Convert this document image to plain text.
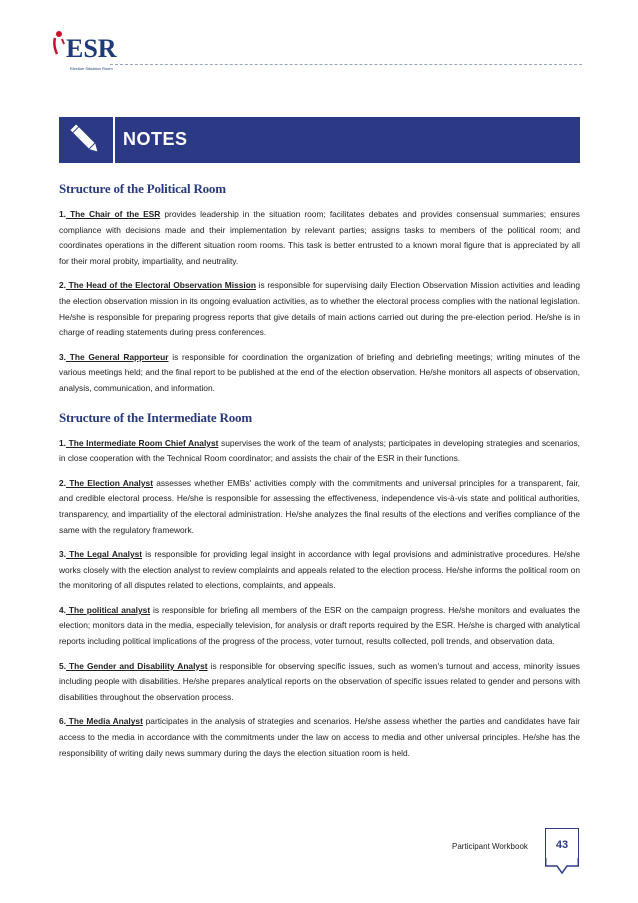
ESR
Election Situation Room
NOTES
Structure of the Political Room

1. The Chair of the ESR provides leadership in the situation room; facilitates debates and provides consensual summaries; ensures compliance with decisions made and their implementation by relevant parties; assigns tasks to members of the political room; and coordinates operations in the different situation room rooms. This task is better entrusted to a known moral figure that is appreciated by all for their moral probity, impartiality, and neutrality.

2. The Head of the Electoral Observation Mission is responsible for supervising daily Election Observation Mission activities and leading the election observation mission in its ongoing evaluation activities, as to whether the electoral process complies with the national legislation. He/she is responsible for preparing progress reports that give details of main actions carried out during the pre-election period. He/she is in charge of reading statements during press conferences.

3. The General Rapporteur is responsible for coordination the organization of briefing and debriefing meetings; writing minutes of the various meetings held; and the final report to be published at the end of the election observation. He/she monitors all aspects of observation, analysis, communication, and information.

Structure of the Intermediate Room

1. The Intermediate Room Chief Analyst supervises the work of the team of analysts; participates in developing strategies and scenarios, in close cooperation with the Technical Room coordinator; and assists the chair of the ESR in their functions.

2. The Election Analyst assesses whether EMBs' activities comply with the commitments and universal principles for a transparent, fair, and credible electoral process. He/she is responsible for assessing the effectiveness, independence vis-à-vis state and political authorities, transparency, and impartiality of the electoral administration. He/she analyzes the final results of the elections and verifies compliance of the same with the regulatory framework.

3. The Legal Analyst is responsible for providing legal insight in accordance with legal provisions and administrative procedures. He/she works closely with the election analyst to review complaints and appeals related to the election process. He/she informs the political room on the monitoring of all disputes related to elections, complaints, and appeals.

4. The political analyst is responsible for briefing all members of the ESR on the campaign progress. He/she monitors and evaluates the election; monitors data in the media, especially television, for analysis or draft reports required by the ESR. He/she is charged with analytical reports including political implications of the progress of the process, voter turnout, results collected, poll trends, and observation data.

5. The Gender and Disability Analyst is responsible for observing specific issues, such as women's turnout and access, minority issues including people with disabilities. He/she prepares analytical reports on the observation of specific issues related to gender and persons with disabilities throughout the observation process.

6. The Media Analyst participates in the analysis of strategies and scenarios. He/she assess whether the parties and candidates have fair access to the media in accordance with the commitments under the law on access to media and other universal principles. He/she has the responsibility of writing daily news summary during the days the election situation room is held.

Participant Workbook	43
